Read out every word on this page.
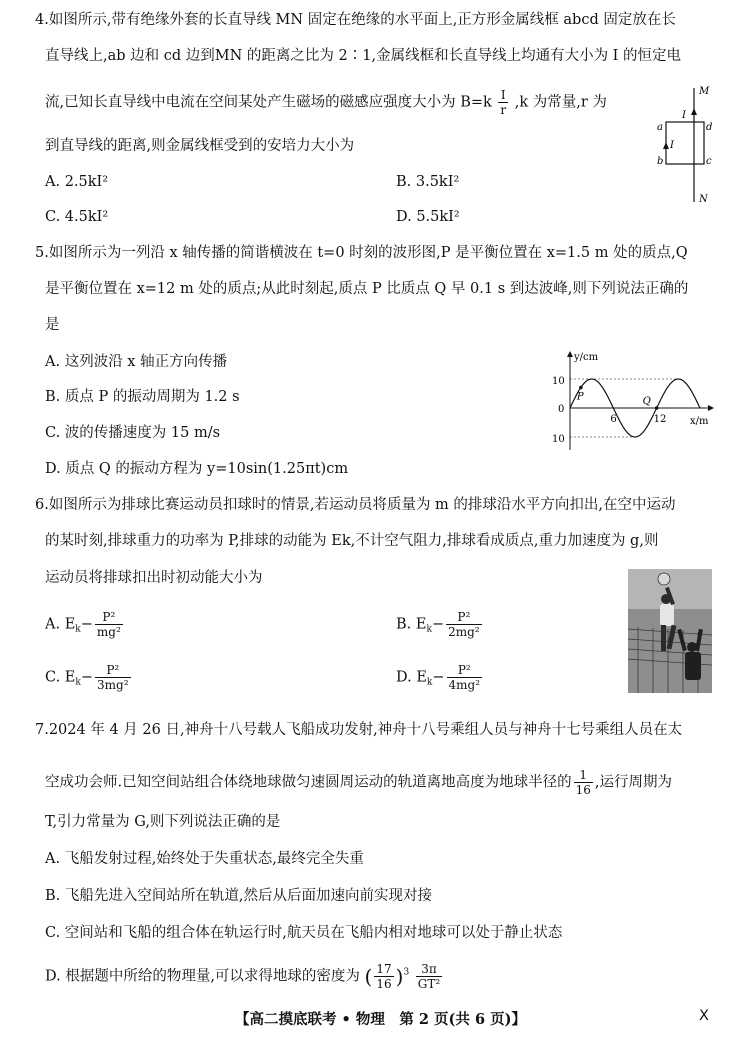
4.如图所示,带有绝缘外套的长直导线 MN 固定在绝缘的水平面上,正方形金属线框 abcd 固定放在长
直导线上,ab 边和 cd 边到MN 的距离之比为 2∶1,金属线框和长直导线上均通有大小为 I 的恒定电
流,已知长直导线中电流在空间某处产生磁场的磁感应强度大小为 $B=k \frac{I}{r} ,k$ 为常量,r 为
到直导线的距离,则金属线框受到的安培力大小为
A. 2.5kI²	B. 3.5kI²
C. 4.5kI²	D. 5.5kI²
M
N
a
b	c
d
I
I
5.如图所示为一列沿 x 轴传播的简谐横波在 t=0 时刻的波形图,P 是平衡位置在 x=1.5 m 处的质点,Q
是平衡位置在 x=12 m 处的质点;从此时刻起,质点 P 比质点 Q 早 0.1 s 到达波峰,则下列说法正确的
是
A. 这列波沿 x 轴正方向传播
B. 质点 P 的振动周期为 1.2 s
C. 波的传播速度为 15 m/s
D. 质点 Q 的振动方程为 y=10sin(1.25πt)cm
y/cm
x/m
10
0
10
6	12
P	Q
6.如图所示为排球比赛运动员扣球时的情景,若运动员将质量为 m 的排球沿水平方向扣出,在空中运动
的某时刻,排球重力的功率为 P,排球的动能为 Ek,不计空气阻力,排球看成质点,重力加速度为 g,则
运动员将排球扣出时初动能大小为
A. $E_k- \frac{\text{P²}}{\text{mg²}}$	B. $E_k- \frac{\text{P²}}{\text{2mg²}}$
C. $E_k- \frac{\text{P²}}{\text{3mg²}}$	D. $E_k- \frac{\text{P²}}{\text{4mg²}}$
7.2024 年 4 月 26 日,神舟十八号载人飞船成功发射,神舟十八号乘组人员与神舟十七号乘组人员在太
空成功会师.已知空间站组合体绕地球做匀速圆周运动的轨道离地高度为地球半径的 $\frac{1}{16}$ ,运行周期为
T,引力常量为 G,则下列说法正确的是
A. 飞船发射过程,始终处于失重状态,最终完全失重
B. 飞船先进入空间站所在轨道,然后从后面加速向前实现对接
C. 空间站和飞船的组合体在轨运行时,航天员在飞船内相对地球可以处于静止状态
D. 根据题中所给的物理量,可以求得地球的密度为 ( $\frac{17}{16} )^3 \frac{3\pi}{\text{GT²}}$
【高二摸底联考 • 物理　第 2 页(共 6 页)】	X
